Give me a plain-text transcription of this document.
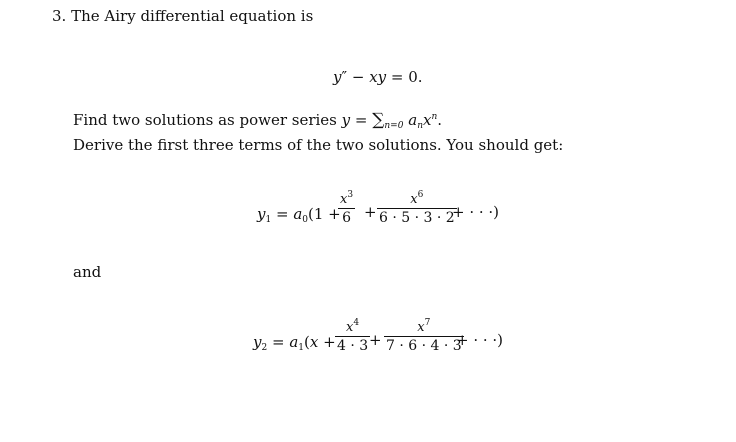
3. The Airy differential equation is
y″ − xy = 0.
Find two solutions as power series $y = \sum_{n=0}$ $a_nx^n$.
Derive the first three terms of the two solutions. You should get:
$y_1 = a_0(1$ +
$\frac{x^3}{6} + \frac{x^6}{6 \cdot 5 \cdot 3 \cdot 2}$
+ · · ·)
and
$y_2 = a_1(x + \frac{x^4}{4 \cdot 3}$
+ $\frac{x^7}{7 \cdot 6 \cdot 4 \cdot 3}$
+ · · ·)
